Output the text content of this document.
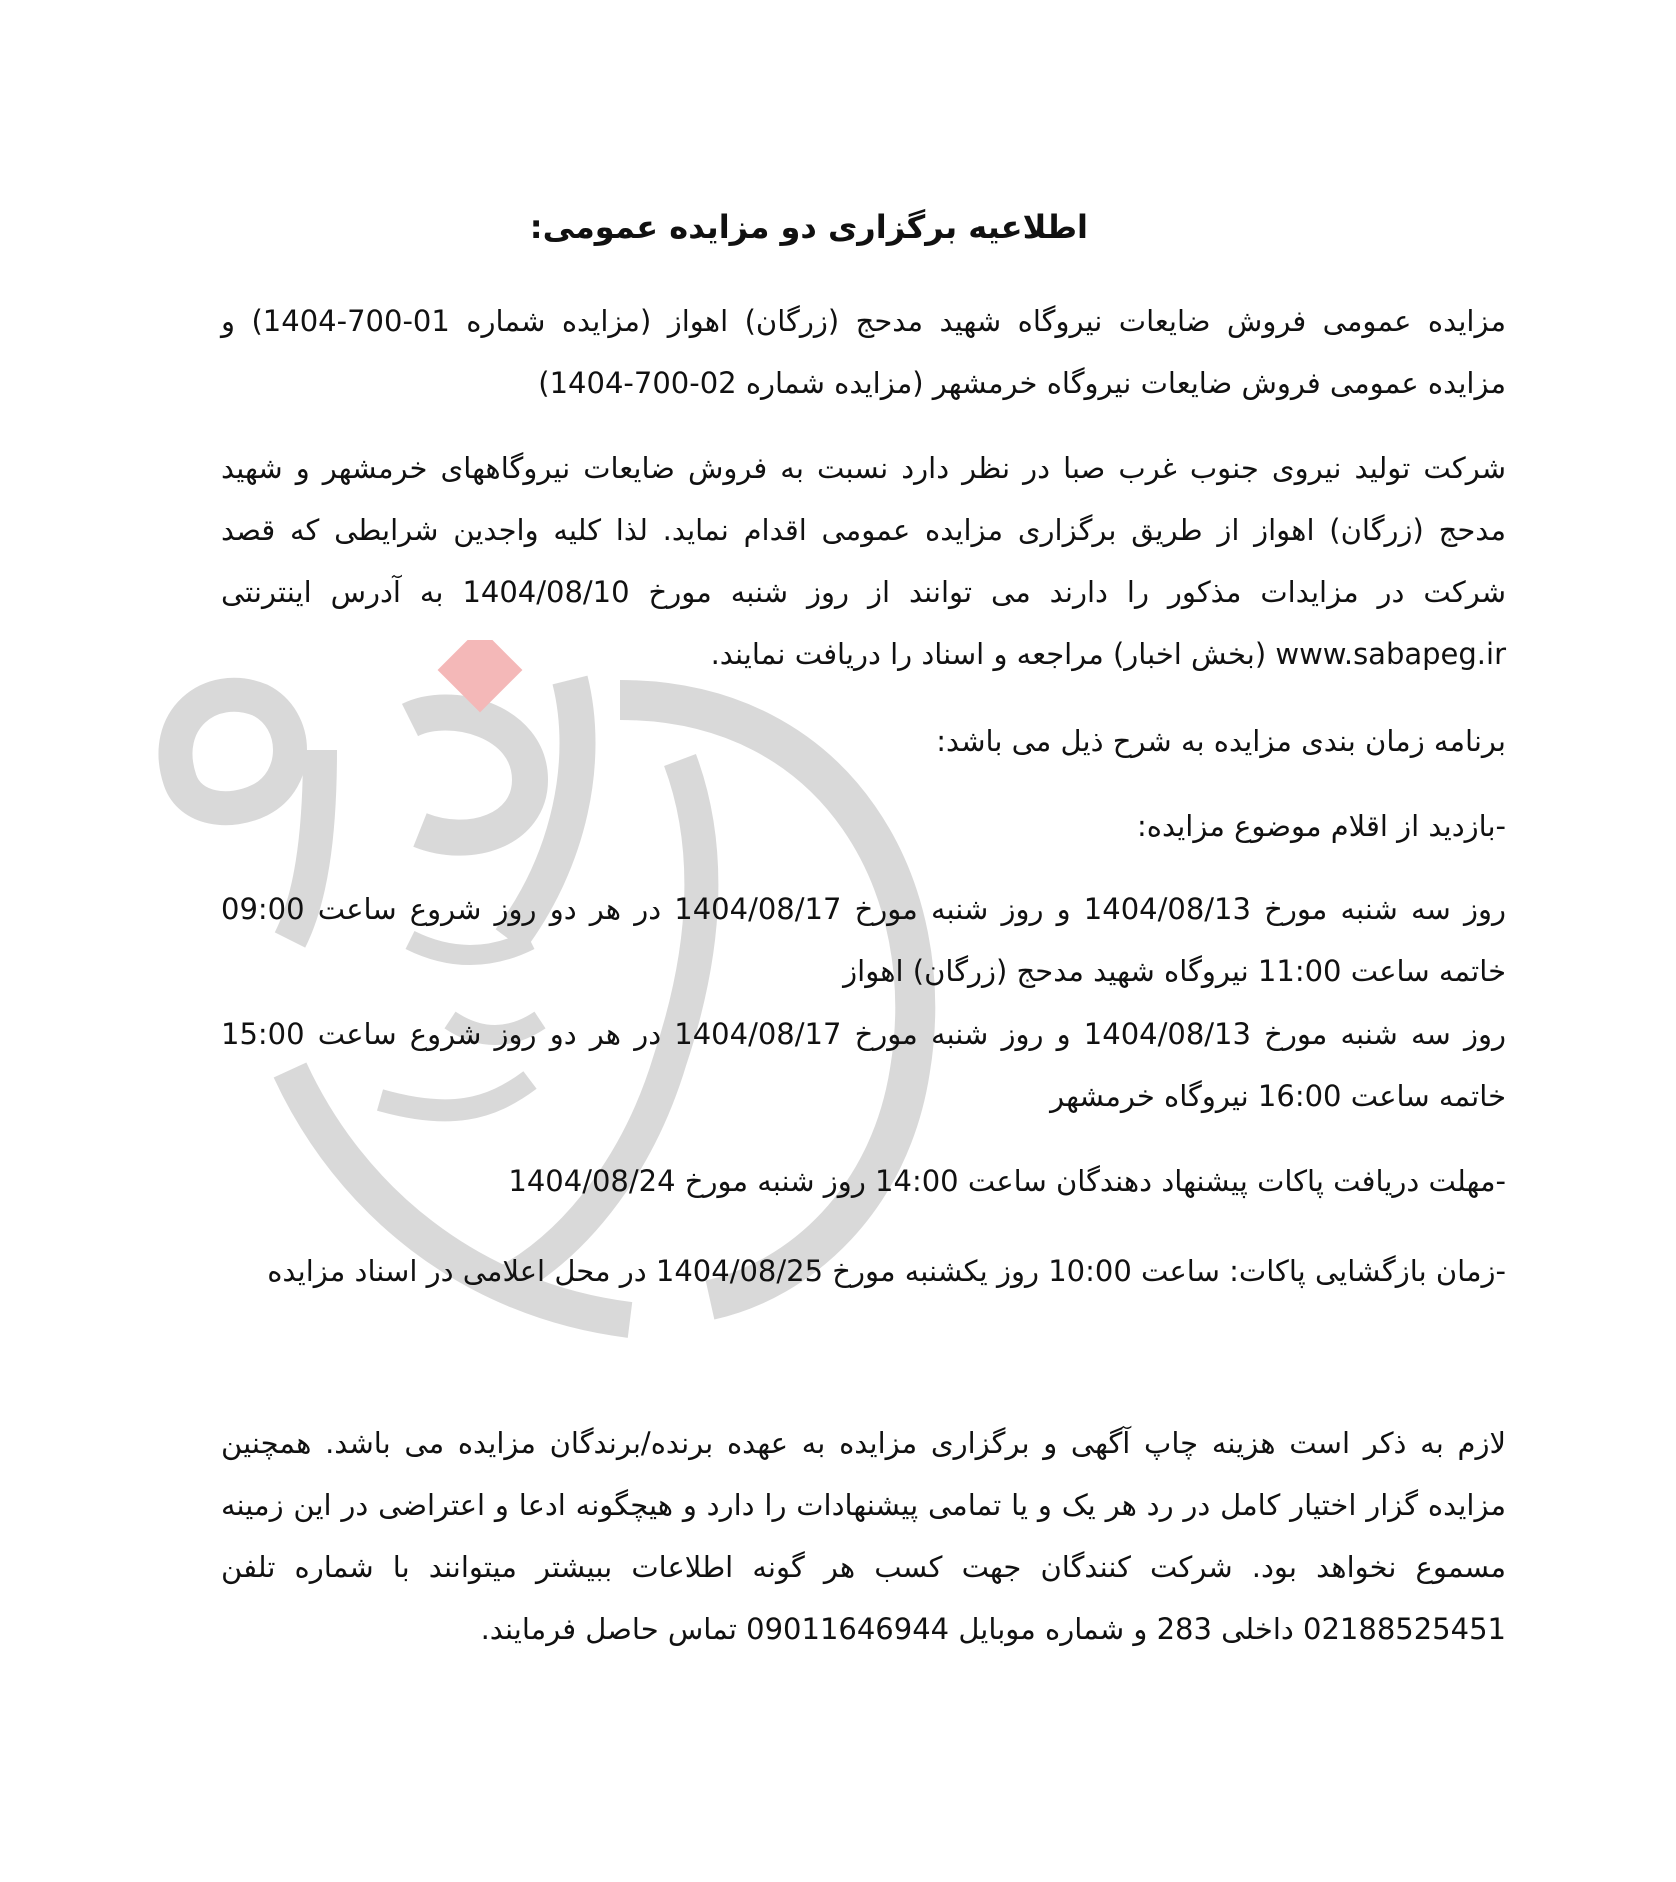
اطلاعیه برگزاری دو مزایده عمومی:

مزایده عمومی فروش ضایعات نیروگاه شهید مدحج (زرگان) اهواز (مزایده شماره 01-700-1404) و مزایده عمومی فروش ضایعات نیروگاه خرمشهر (مزایده شماره 02-700-1404)

شرکت تولید نیروی جنوب غرب صبا در نظر دارد نسبت به فروش ضایعات نیروگاههای خرمشهر و شهید مدحج (زرگان) اهواز از طریق برگزاری مزایده عمومی اقدام نماید. لذا کلیه واجدین شرایطی که قصد شرکت در مزایدات مذکور را دارند می توانند از روز شنبه مورخ 1404/08/10 به آدرس اینترنتی www.sabapeg.ir (بخش اخبار) مراجعه و اسناد را دریافت نمایند.

برنامه زمان بندی مزایده به شرح ذیل می باشد:

-بازدید از اقلام موضوع مزایده:

روز سه شنبه مورخ 1404/08/13 و روز شنبه مورخ 1404/08/17 در هر دو روز شروع ساعت 09:00 خاتمه ساعت 11:00 نیروگاه شهید مدحج (زرگان) اهواز

روز سه شنبه مورخ 1404/08/13 و روز شنبه مورخ 1404/08/17 در هر دو روز شروع ساعت 15:00 خاتمه ساعت 16:00 نیروگاه خرمشهر

-مهلت دریافت پاکات پیشنهاد دهندگان ساعت 14:00 روز شنبه مورخ 1404/08/24

-زمان بازگشایی پاکات: ساعت 10:00 روز یکشنبه مورخ 1404/08/25 در محل اعلامی در اسناد مزایده

لازم به ذکر است هزینه چاپ آگهی و برگزاری مزایده به عهده برنده/برندگان مزایده می باشد. همچنین مزایده گزار اختیار کامل در رد هر یک و یا تمامی پیشنهادات را دارد و هیچگونه ادعا و اعتراضی در این زمینه مسموع نخواهد بود. شرکت کنندگان جهت کسب هر گونه اطلاعات ببیشتر میتوانند با شماره تلفن 02188525451 داخلی 283 و شماره موبایل 09011646944 تماس حاصل فرمایند.
